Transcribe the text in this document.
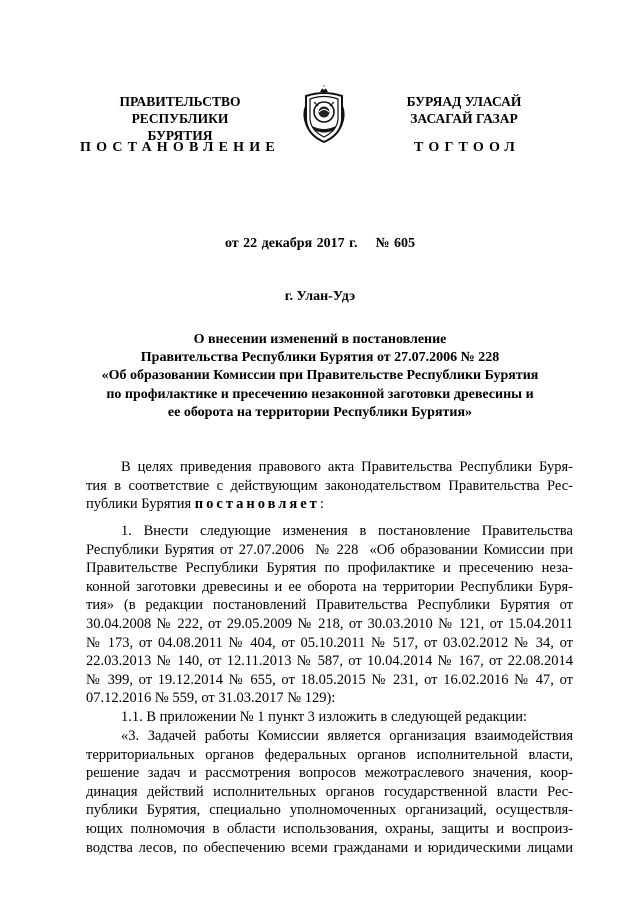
ПРАВИТЕЛЬСТВО
РЕСПУБЛИКИ БУРЯТИЯ
БУРЯАД УЛАСАЙ
ЗАСАГАЙ ГАЗАР
ПОСТАНОВЛЕНИЕ	ТОГТООЛ
от 22 декабря 2017 г.    № 605
г. Улан-Удэ
О внесении изменений в постановление
Правительства Республики Бурятия от 27.07.2006 № 228
«Об образовании Комиссии при Правительстве Республики Бурятия
по профилактике и пресечению незаконной заготовки древесины и
ее оборота на территории Республики Бурятия»
В целях приведения правового акта Правительства Республики Буря-
тия в соответствие с действующим законодательством Правительства Рес-
публики Бурятия постановляет:
1. Внести следующие изменения в постановление Правительства
Республики Бурятия от 27.07.2006  № 228  «Об образовании Комиссии при
Правительстве Республики Бурятия по профилактике и пресечению неза-
конной заготовки древесины и ее оборота на территории Республики Буря-
тия» (в редакции постановлений Правительства Республики Бурятия от
30.04.2008 № 222, от 29.05.2009 № 218, от 30.03.2010 № 121, от 15.04.2011
№ 173, от 04.08.2011 № 404, от 05.10.2011 № 517, от 03.02.2012 № 34, от
22.03.2013 № 140, от 12.11.2013 № 587, от 10.04.2014 № 167, от 22.08.2014
№ 399, от 19.12.2014 № 655, от 18.05.2015 № 231, от 16.02.2016 № 47, от
07.12.2016 № 559, от 31.03.2017 № 129):
1.1. В приложении № 1 пункт 3 изложить в следующей редакции:
«3. Задачей работы Комиссии является организация взаимодействия
территориальных органов федеральных органов исполнительной власти,
решение задач и рассмотрения вопросов межотраслевого значения, коор-
динация действий исполнительных органов государственной власти Рес-
публики Бурятия, специально уполномоченных организаций, осуществля-
ющих полномочия в области использования, охраны, защиты и воспроиз-
водства лесов, по обеспечению всеми гражданами и юридическими лицами
